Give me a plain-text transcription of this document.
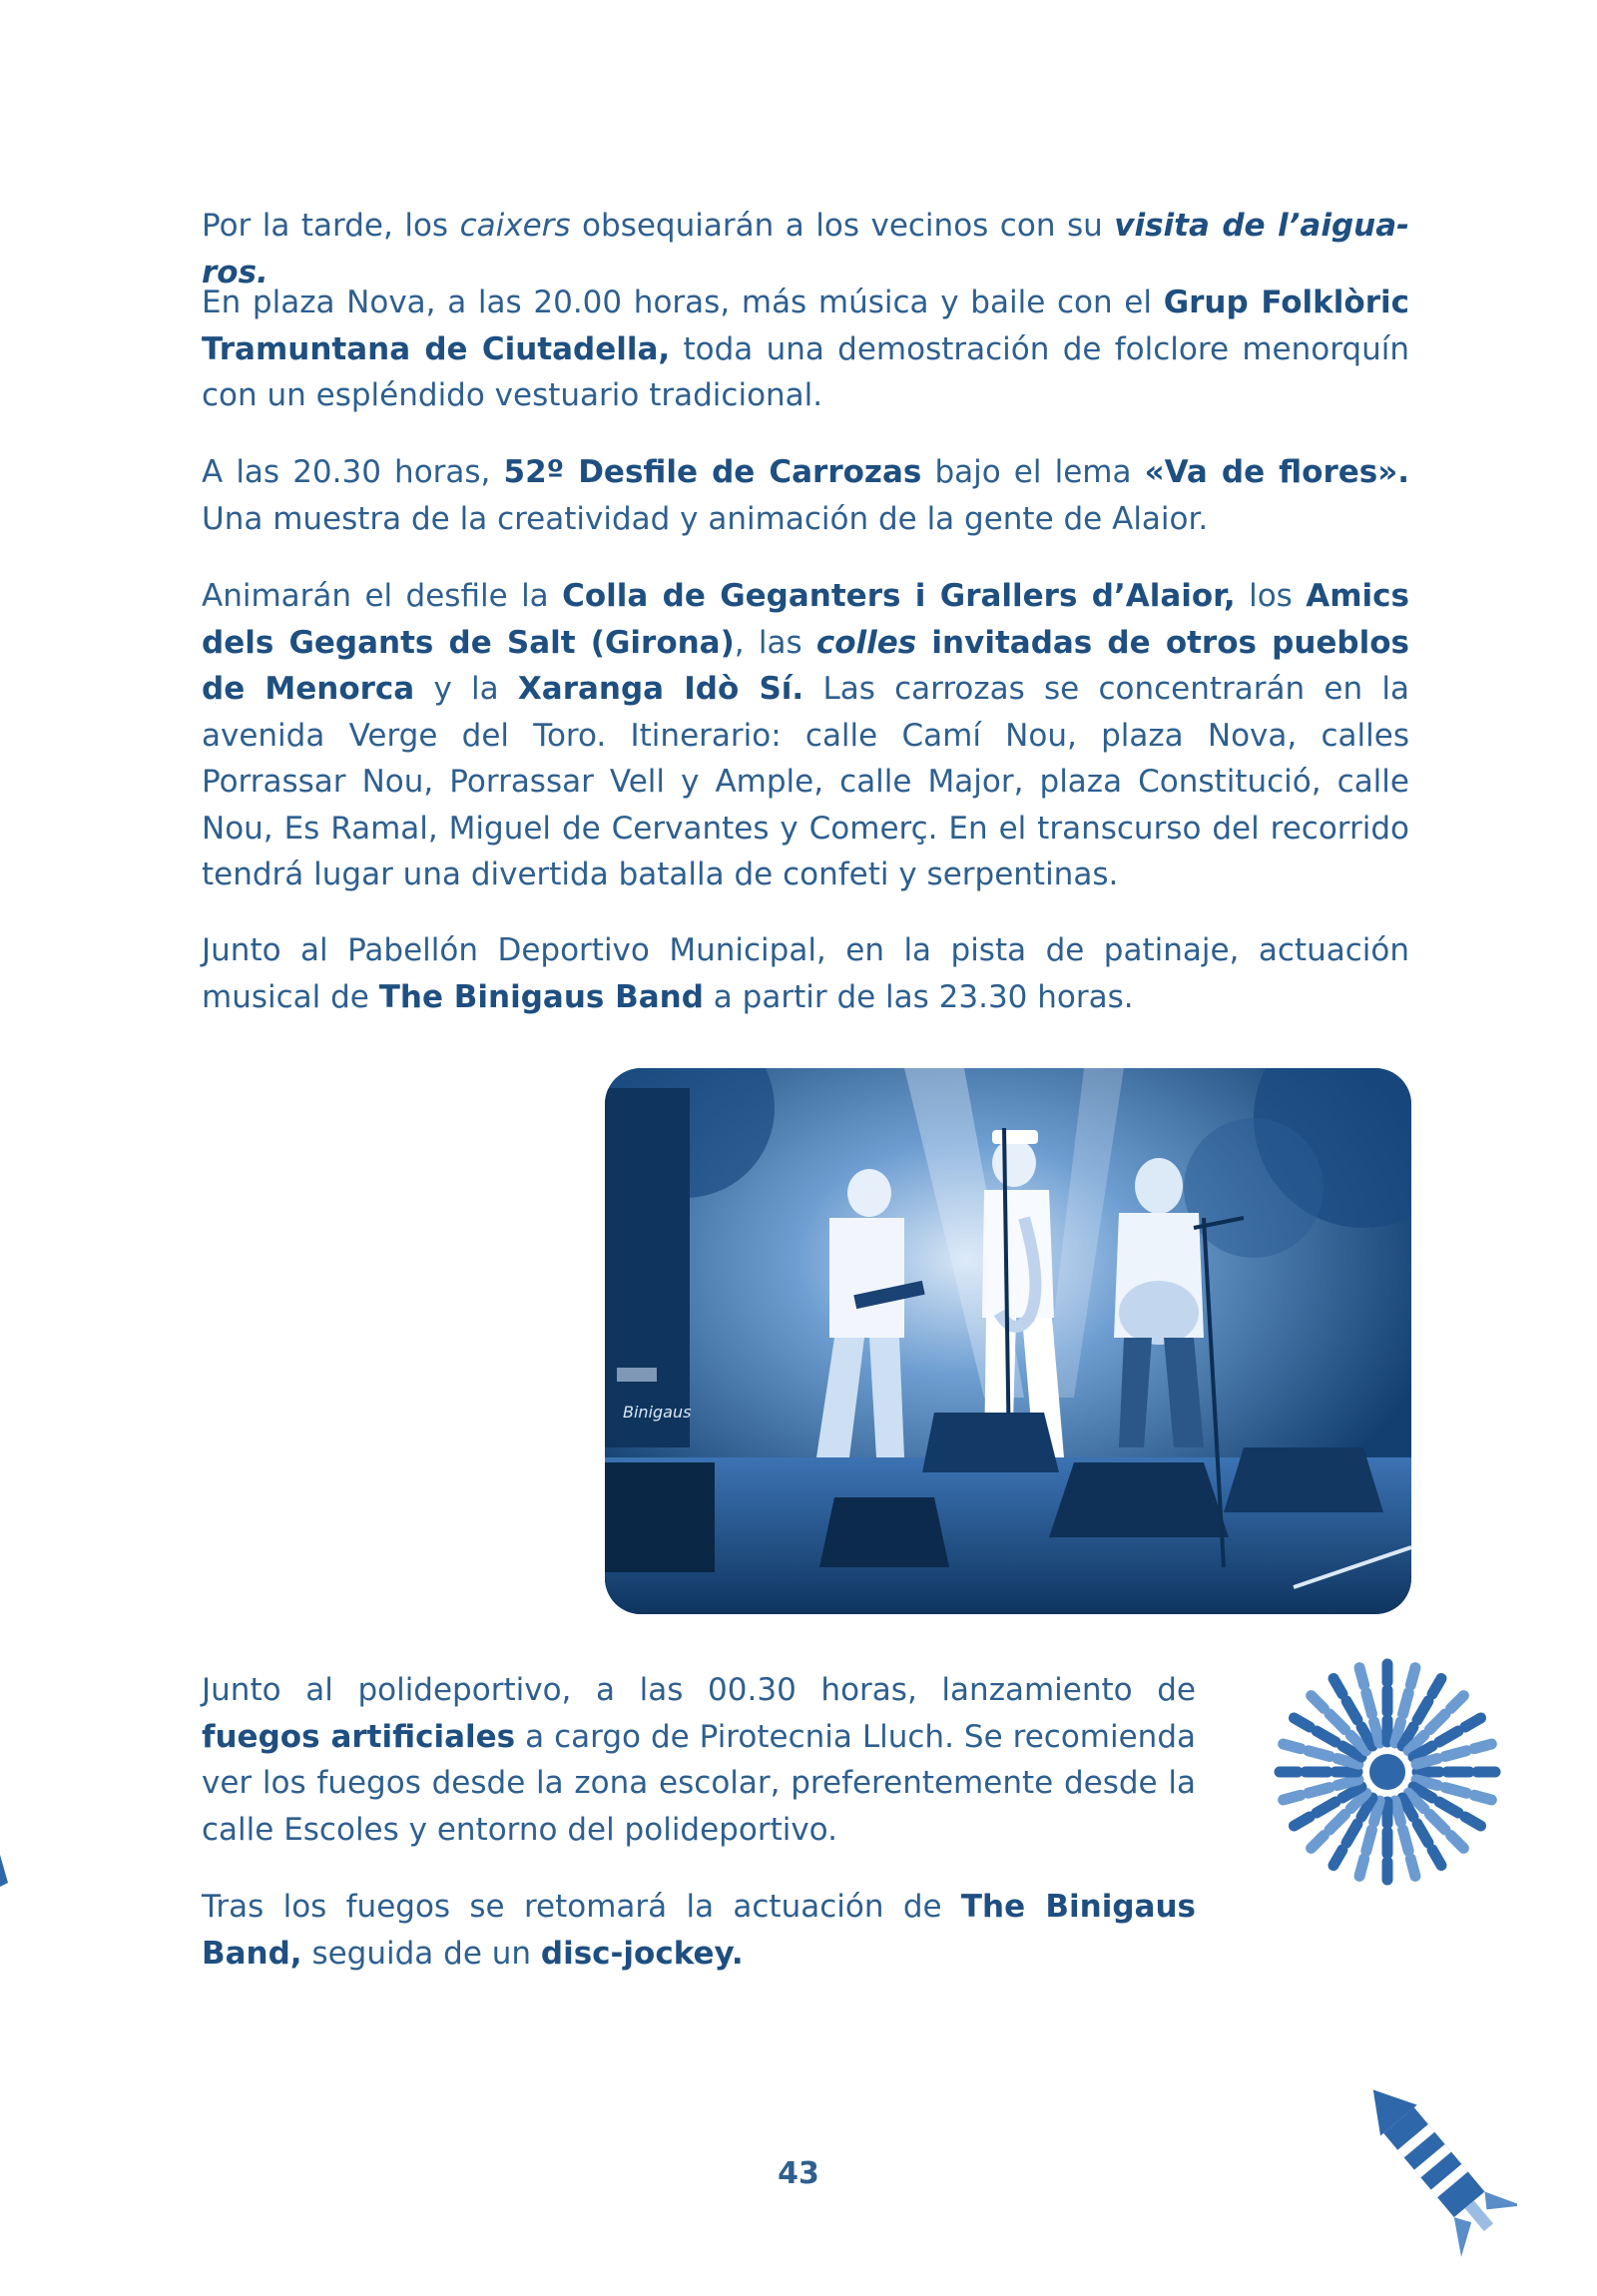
Por la tarde, los caixers obsequiarán a los vecinos con su visita de l’aigua-ros.

En plaza Nova, a las 20.00 horas, más música y baile con el Grup Folklòric Tramuntana de Ciutadella, toda una demostración de folclore menorquín con un espléndido vestuario tradicional.

A las 20.30 horas, 52º Desfile de Carrozas bajo el lema «Va de flores». Una muestra de la creatividad y animación de la gente de Alaior.

Animarán el desfile la Colla de Geganters i Grallers d’Alaior, los Amics dels Gegants de Salt (Girona), las colles invitadas de otros pueblos de Menorca y la Xaranga Idò Sí. Las carrozas se concentrarán en la avenida Verge del Toro. Itinerario: calle Camí Nou, plaza Nova, calles Porrassar Nou, Porrassar Vell y Ample, calle Major, plaza Constitució, calle Nou, Es Ramal, Miguel de Cervantes y Comerç. En el transcurso del recorrido tendrá lugar una divertida batalla de confeti y serpentinas.

Junto al Pabellón Deportivo Municipal, en la pista de patinaje, actuación musical de The Binigaus Band a partir de las 23.30 horas.

Binigaus

Junto al polideportivo, a las 00.30 horas, lanzamiento de fuegos artificiales a cargo de Pirotecnia Lluch. Se recomienda ver los fuegos desde la zona escolar, preferentemente desde la calle Escoles y entorno del polideportivo.

Tras los fuegos se retomará la actuación de The Binigaus Band, seguida de un disc-jockey.

43
